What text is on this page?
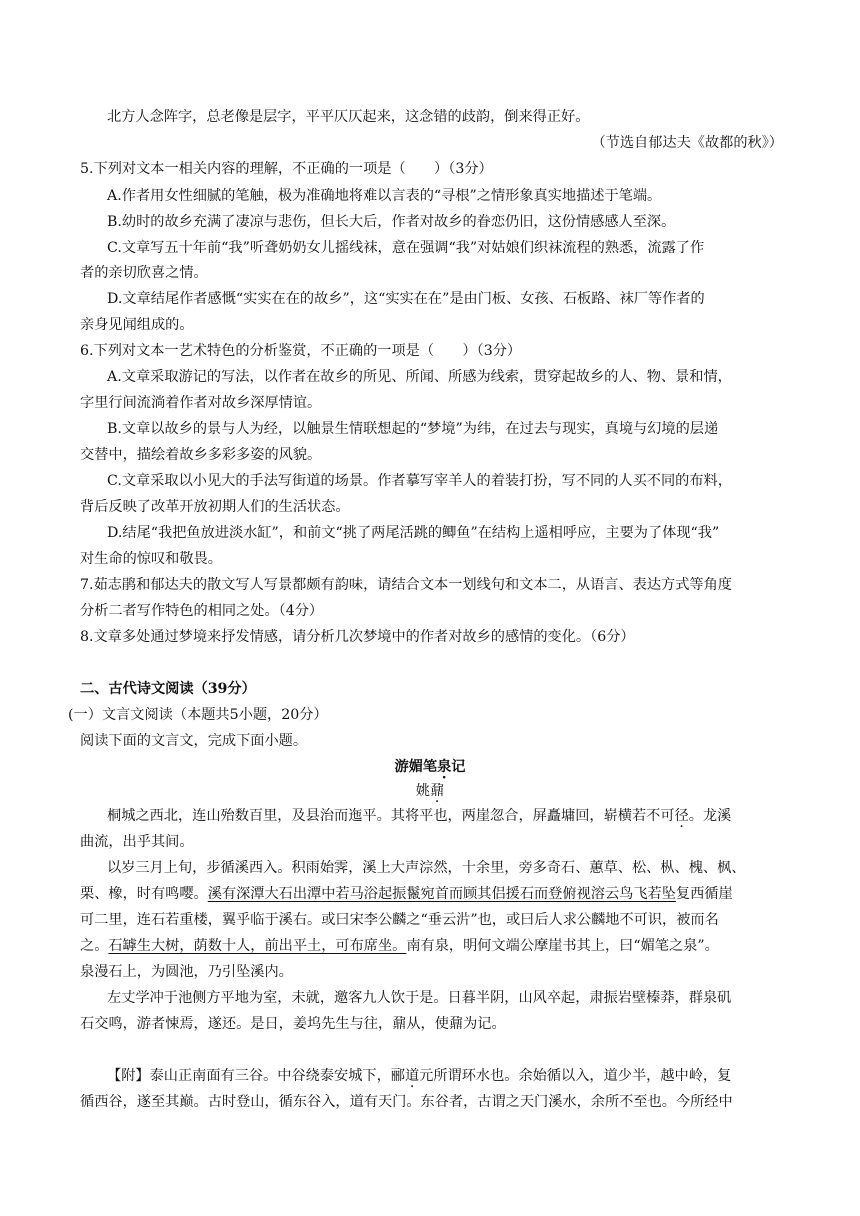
北方人念阵字，总老像是层字，平平仄仄起来，这念错的歧韵，倒来得正好。
（节选自郁达夫《故都的秋》）
5.下列对文本一相关内容的理解，不正确的一项是（　　）（3分）
A.作者用女性细腻的笔触，极为准确地将难以言表的“寻根”之情形象真实地描述于笔端。
B.幼时的故乡充满了凄凉与悲伤，但长大后，作者对故乡的眷恋仍旧，这份情感感人至深。
C.文章写五十年前“我”听聋奶奶女儿摇线袜，意在强调“我”对姑娘们织袜流程的熟悉，流露了作
者的亲切欣喜之情。
D.文章结尾作者感慨“实实在在的故乡”，这“实实在在”是由门板、女孩、石板路、袜厂等作者的
亲身见闻组成的。
6.下列对文本一艺术特色的分析鉴赏，不正确的一项是（　　）（3分）
A.文章采取游记的写法，以作者在故乡的所见、所闻、所感为线索，贯穿起故乡的人、物、景和情，
字里行间流淌着作者对故乡深厚情谊。
B.文章以故乡的景与人为经，以触景生情联想起的“梦境”为纬，在过去与现实，真境与幻境的层递
交替中，描绘着故乡多彩多姿的风貌。
C.文章采取以小见大的手法写街道的场景。作者摹写宰羊人的着装打扮，写不同的人买不同的布料，
背后反映了改革开放初期人们的生活状态。
D.结尾“我把鱼放进淡水缸”，和前文“挑了两尾活跳的鲫鱼”在结构上遥相呼应，主要为了体现“我”
对生命的惊叹和敬畏。
7.茹志鹃和郁达夫的散文写人写景都颇有韵味，请结合文本一划线句和文本二，从语言、表达方式等角度
分析二者写作特色的相同之处。（4分）
8.文章多处通过梦境来抒发情感，请分析几次梦境中的作者对故乡的感情的变化。（6分）
二、古代诗文阅读（39分）
(一）文言文阅读（本题共5小题，20分）
阅读下面的文言文，完成下面小题。
游媚笔泉记
姚鼐
桐城之西北，连山殆数百里，及县治而迤平。其将平也，两崖忽合，屏矗墉回，崭横若不可径。龙溪
曲流，出乎其间。
以岁三月上旬，步循溪西入。积雨始霁，溪上大声淙然，十余里，旁多奇石、蕙草、松、枞、槐、枫、
栗、橡，时有鸣嘤。溪有深潭大石出潭中若马浴起振鬣宛首而顾其侣援石而登俯视溶云鸟飞若坠复西循崖
可二里，连石若重楼，翼乎临于溪右。或曰宋李公麟之“垂云沜”也，或曰后人求公麟地不可识，被而名
之。石罅生大树，荫数十人，前出平土，可布席坐。南有泉，明何文端公摩崖书其上，曰“媚笔之泉”。
泉漫石上，为圆池，乃引坠溪内。
左丈学冲于池侧方平地为室，未就，邀客九人饮于是。日暮半阴，山风卒起，肃振岩壁榛莽，群泉矶
石交鸣，游者悚焉，遂还。是日，姜坞先生与往，鼐从，使鼐为记。
【附】泰山正南面有三谷。中谷绕泰安城下，郦道元所谓环水也。余始循以入，道少半，越中岭，复
循西谷，遂至其巅。古时登山，循东谷入，道有天门。东谷者，古谓之天门溪水，余所不至也。今所经中
